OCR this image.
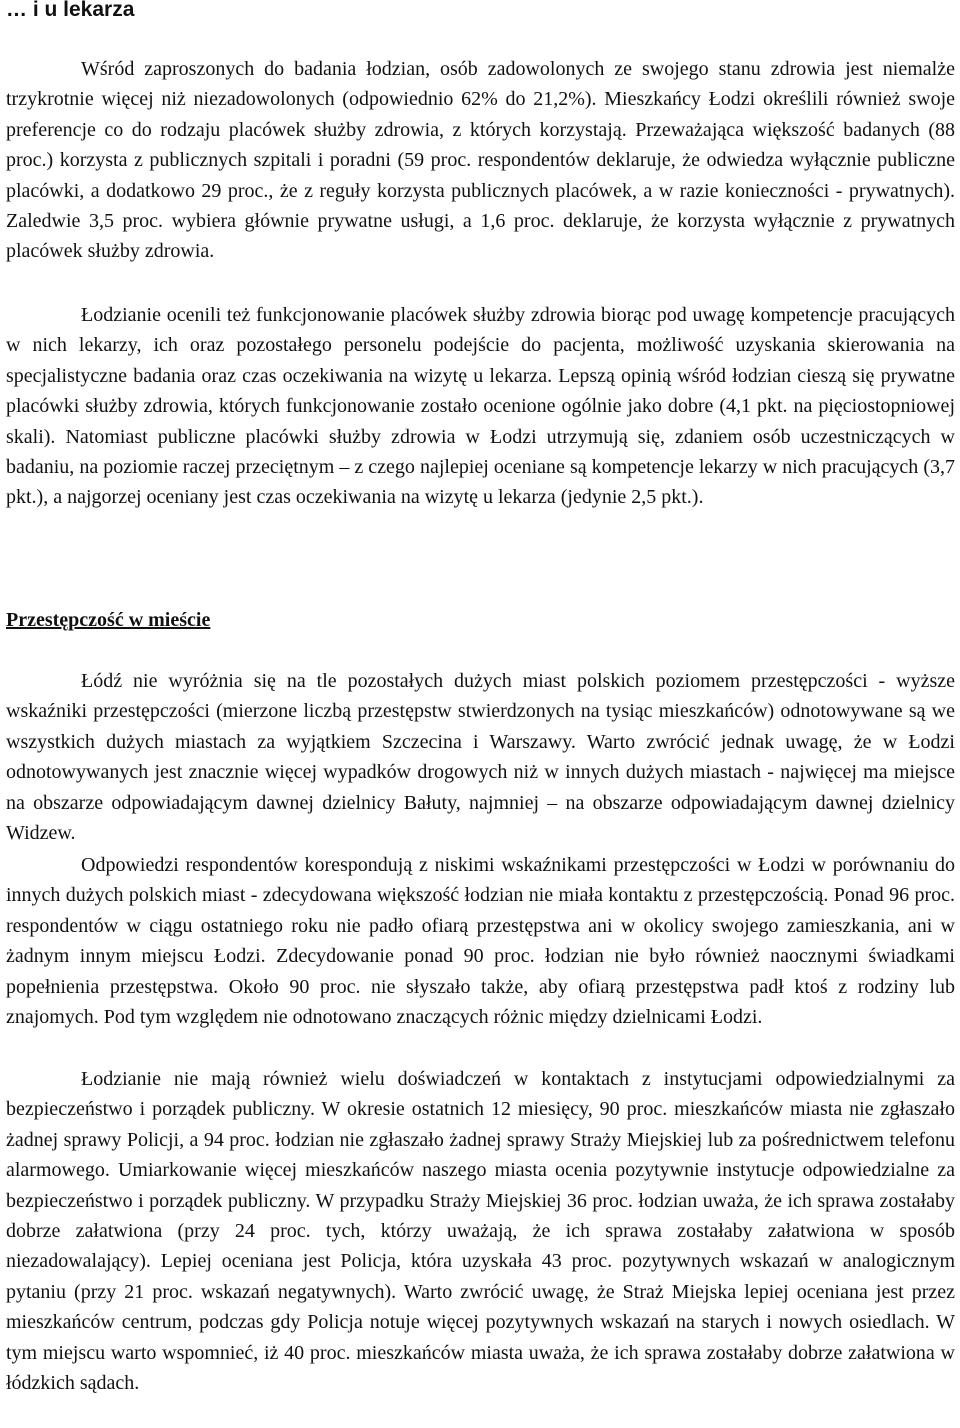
… i u lekarza

Wśród zaproszonych do badania łodzian, osób zadowolonych ze swojego stanu zdrowia jest niemalże trzykrotnie więcej niż niezadowolonych (odpowiednio 62% do 21,2%). Mieszkańcy Łodzi określili również swoje preferencje co do rodzaju placówek służby zdrowia, z których korzystają. Przeważająca większość badanych (88 proc.) korzysta z publicznych szpitali i poradni (59 proc. respondentów deklaruje, że odwiedza wyłącznie publiczne placówki, a dodatkowo 29 proc., że z reguły korzysta publicznych placówek, a w razie konieczności - prywatnych). Zaledwie 3,5 proc. wybiera głównie prywatne usługi, a 1,6 proc. deklaruje, że korzysta wyłącznie z prywatnych placówek służby zdrowia.

Łodzianie ocenili też funkcjonowanie placówek służby zdrowia biorąc pod uwagę kompetencje pracujących w nich lekarzy, ich oraz pozostałego personelu podejście do pacjenta, możliwość uzyskania skierowania na specjalistyczne badania oraz czas oczekiwania na wizytę u lekarza. Lepszą opinią wśród łodzian cieszą się prywatne placówki służby zdrowia, których funkcjonowanie zostało ocenione ogólnie jako dobre (4,1 pkt. na pięciostopniowej skali). Natomiast publiczne placówki służby zdrowia w Łodzi utrzymują się, zdaniem osób uczestniczących w badaniu, na poziomie raczej przeciętnym – z czego najlepiej oceniane są kompetencje lekarzy w nich pracujących (3,7 pkt.), a najgorzej oceniany jest czas oczekiwania na wizytę u lekarza (jedynie 2,5 pkt.).

Przestępczość w mieście

Łódź nie wyróżnia się na tle pozostałych dużych miast polskich poziomem przestępczości - wyższe wskaźniki przestępczości (mierzone liczbą przestępstw stwierdzonych na tysiąc mieszkańców) odnotowywane są we wszystkich dużych miastach za wyjątkiem Szczecina i Warszawy. Warto zwrócić jednak uwagę, że w Łodzi odnotowywanych jest znacznie więcej wypadków drogowych niż w innych dużych miastach - najwięcej ma miejsce na obszarze odpowiadającym dawnej dzielnicy Bałuty, najmniej – na obszarze odpowiadającym dawnej dzielnicy Widzew.

Odpowiedzi respondentów korespondują z niskimi wskaźnikami przestępczości w Łodzi w porównaniu do innych dużych polskich miast - zdecydowana większość łodzian nie miała kontaktu z przestępczością. Ponad 96 proc. respondentów w ciągu ostatniego roku nie padło ofiarą przestępstwa ani w okolicy swojego zamieszkania, ani w żadnym innym miejscu Łodzi. Zdecydowanie ponad 90 proc. łodzian nie było również naocznymi świadkami popełnienia przestępstwa. Około 90 proc. nie słyszało także, aby ofiarą przestępstwa padł ktoś z rodziny lub znajomych. Pod tym względem nie odnotowano znaczących różnic między dzielnicami Łodzi.

Łodzianie nie mają również wielu doświadczeń w kontaktach z instytucjami odpowiedzialnymi za bezpieczeństwo i porządek publiczny. W okresie ostatnich 12 miesięcy, 90 proc. mieszkańców miasta nie zgłaszało żadnej sprawy Policji, a 94 proc. łodzian nie zgłaszało żadnej sprawy Straży Miejskiej lub za pośrednictwem telefonu alarmowego. Umiarkowanie więcej mieszkańców naszego miasta ocenia pozytywnie instytucje odpowiedzialne za bezpieczeństwo i porządek publiczny. W przypadku Straży Miejskiej 36 proc. łodzian uważa, że ich sprawa zostałaby dobrze załatwiona (przy 24 proc. tych, którzy uważają, że ich sprawa zostałaby załatwiona w sposób niezadowalający). Lepiej oceniana jest Policja, która uzyskała 43 proc. pozytywnych wskazań w analogicznym pytaniu (przy 21 proc. wskazań negatywnych). Warto zwrócić uwagę, że Straż Miejska lepiej oceniana jest przez mieszkańców centrum, podczas gdy Policja notuje więcej pozytywnych wskazań na starych i nowych osiedlach. W tym miejscu warto wspomnieć, iż 40 proc. mieszkańców miasta uważa, że ich sprawa zostałaby dobrze załatwiona w łódzkich sądach.
